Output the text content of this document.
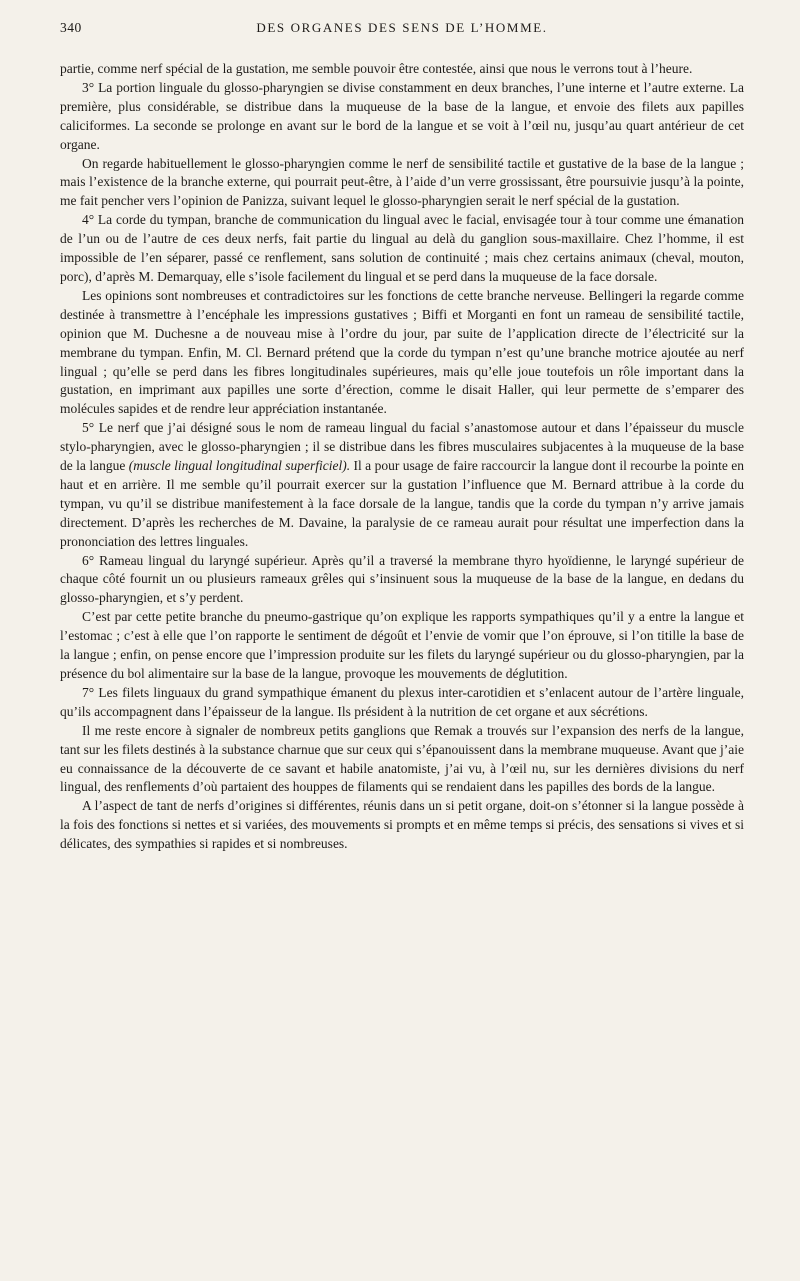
340	DES ORGANES DES SENS DE L’HOMME.

partie, comme nerf spécial de la gustation, me semble pouvoir être contestée, ainsi que nous le verrons tout à l’heure.

3° La portion linguale du glosso-pharyngien se divise constamment en deux branches, l’une interne et l’autre externe. La première, plus considérable, se distribue dans la muqueuse de la base de la langue, et envoie des filets aux papilles caliciformes. La seconde se prolonge en avant sur le bord de la langue et se voit à l’œil nu, jusqu’au quart antérieur de cet organe.

On regarde habituellement le glosso-pharyngien comme le nerf de sensibilité tactile et gustative de la base de la langue ; mais l’existence de la branche externe, qui pourrait peut-être, à l’aide d’un verre grossissant, être poursuivie jusqu’à la pointe, me fait pencher vers l’opinion de Panizza, suivant lequel le glosso-pharyngien serait le nerf spécial de la gustation.

4° La corde du tympan, branche de communication du lingual avec le facial, envisagée tour à tour comme une émanation de l’un ou de l’autre de ces deux nerfs, fait partie du lingual au delà du ganglion sous-maxillaire. Chez l’homme, il est impossible de l’en séparer, passé ce renflement, sans solution de continuité ; mais chez certains animaux (cheval, mouton, porc), d’après M. Demarquay, elle s’isole facilement du lingual et se perd dans la muqueuse de la face dorsale.

Les opinions sont nombreuses et contradictoires sur les fonctions de cette branche nerveuse. Bellingeri la regarde comme destinée à transmettre à l’encéphale les impressions gustatives ; Biffi et Morganti en font un rameau de sensibilité tactile, opinion que M. Duchesne a de nouveau mise à l’ordre du jour, par suite de l’application directe de l’électricité sur la membrane du tympan. Enfin, M. Cl. Bernard prétend que la corde du tympan n’est qu’une branche motrice ajoutée au nerf lingual ; qu’elle se perd dans les fibres longitudinales supérieures, mais qu’elle joue toutefois un rôle important dans la gustation, en imprimant aux papilles une sorte d’érection, comme le disait Haller, qui leur permette de s’emparer des molécules sapides et de rendre leur appréciation instantanée.

5° Le nerf que j’ai désigné sous le nom de rameau lingual du facial s’anastomose autour et dans l’épaisseur du muscle stylo-pharyngien, avec le glosso-pharyngien ; il se distribue dans les fibres musculaires subjacentes à la muqueuse de la base de la langue (muscle lingual longitudinal superficiel). Il a pour usage de faire raccourcir la langue dont il recourbe la pointe en haut et en arrière. Il me semble qu’il pourrait exercer sur la gustation l’influence que M. Bernard attribue à la corde du tympan, vu qu’il se distribue manifestement à la face dorsale de la langue, tandis que la corde du tympan n’y arrive jamais directement. D’après les recherches de M. Davaine, la paralysie de ce rameau aurait pour résultat une imperfection dans la prononciation des lettres linguales.

6° Rameau lingual du laryngé supérieur. Après qu’il a traversé la membrane thyro hyoïdienne, le laryngé supérieur de chaque côté fournit un ou plusieurs rameaux grêles qui s’insinuent sous la muqueuse de la base de la langue, en dedans du glosso-pharyngien, et s’y perdent.

C’est par cette petite branche du pneumo-gastrique qu’on explique les rapports sympathiques qu’il y a entre la langue et l’estomac ; c’est à elle que l’on rapporte le sentiment de dégoût et l’envie de vomir que l’on éprouve, si l’on titille la base de la langue ; enfin, on pense encore que l’impression produite sur les filets du laryngé supérieur ou du glosso-pharyngien, par la présence du bol alimentaire sur la base de la langue, provoque les mouvements de déglutition.

7° Les filets linguaux du grand sympathique émanent du plexus inter-carotidien et s’enlacent autour de l’artère linguale, qu’ils accompagnent dans l’épaisseur de la langue. Ils président à la nutrition de cet organe et aux sécrétions.

Il me reste encore à signaler de nombreux petits ganglions que Remak a trouvés sur l’expansion des nerfs de la langue, tant sur les filets destinés à la substance charnue que sur ceux qui s’épanouissent dans la membrane muqueuse. Avant que j’aie eu connaissance de la découverte de ce savant et habile anatomiste, j’ai vu, à l’œil nu, sur les dernières divisions du nerf lingual, des renflements d’où partaient des houppes de filaments qui se rendaient dans les papilles des bords de la langue.

A l’aspect de tant de nerfs d’origines si différentes, réunis dans un si petit organe, doit-on s’étonner si la langue possède à la fois des fonctions si nettes et si variées, des mouvements si prompts et en même temps si précis, des sensations si vives et si délicates, des sympathies si rapides et si nombreuses.
